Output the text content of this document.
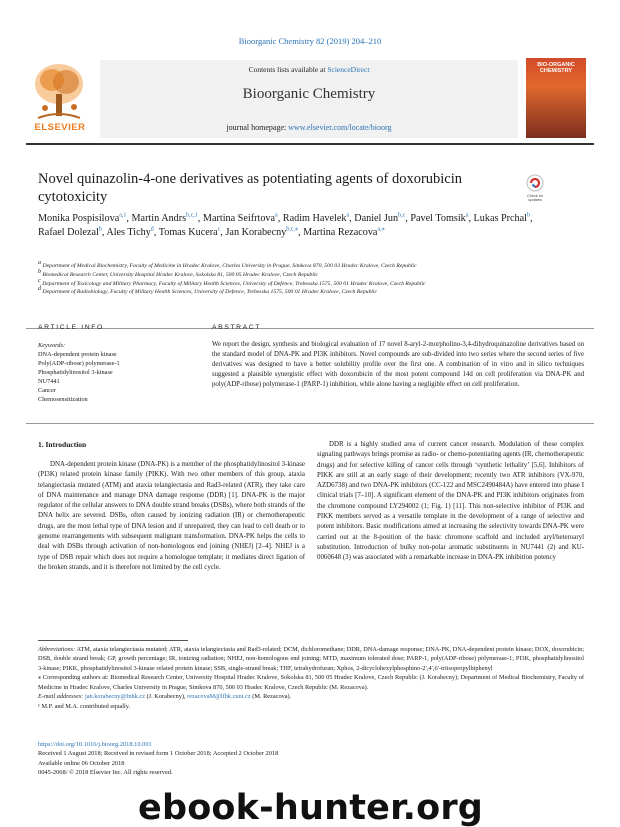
Bioorganic Chemistry 82 (2019) 204–210
Contents lists available at ScienceDirect
Bioorganic Chemistry
journal homepage: www.elsevier.com/locate/bioorg
ELSEVIER
BIO-ORGANIC CHEMISTRY
Novel quinazolin-4-one derivatives as potentiating agents of doxorubicin cytotoxicity	Check for
updates
Monika Pospisilova$^{a,1}$, Martin Andrs$^{b,c,1}$, Martina Seifrtova$^a$, Radim Havelek$^a$, Daniel Jun$^{b,c}$, Pavel Tomsik$^a$, Lukas Prchal$^b$, Rafael Dolezal$^b$, Ales Tichy$^d$, Tomas Kucera$^c$, Jan Korabecny$^{b,c,⁎}$, Martina Rezacova$^{a,⁎}$
a Department of Medical Biochemistry, Faculty of Medicine in Hradec Kralove, Charles University in Prague, Simkova 870, 500 03 Hradec Kralove, Czech Republic
b Biomedical Research Center, University Hospital Hradec Kralove, Sokolska 81, 500 05 Hradec Kralove, Czech Republic
c Department of Toxicology and Military Pharmacy, Faculty of Military Health Sciences, University of Defence, Trebesska 1575, 500 01 Hradec Kralove, Czech Republic
d Department of Radiobiology, Faculty of Military Health Sciences, University of Defence, Trebesska 1575, 500 01 Hradec Kralove, Czech Republic
ARTICLE INFO
Keywords:
DNA-dependent protein kinase
Poly(ADP-ribose) polymerase-1
Phosphatidylinositol 3-kinase
NU7441
Cancer
Chemosensitization
ABSTRACT
We report the design, synthesis and biological evaluation of 17 novel 8-aryl-2-morpholino-3,4-dihydroquinazoline derivatives based on the standard model of DNA-PK and PI3K inhibitors. Novel compounds are sub-divided into two series where the second series of five derivatives was designed to have a better solubility profile over the first one. A combination of in vitro and in silico techniques suggested a plausible synergistic effect with doxorubicin of the most potent compound 14d on cell proliferation via DNA-PK and poly(ADP-ribose) polymerase-1 (PARP-1) inhibition, while alone having a negligible effect on cell proliferation.
1. Introduction
DNA-dependent protein kinase (DNA-PK) is a member of the phosphatidylinositol 3-kinase (PI3K) related protein kinase family (PIKK). With two other members of this group, ataxia telangiectasia mutated (ATM) and ataxia telangiectasia and Rad3-related (ATR), they take care of DNA maintenance and manage DNA damage response (DDR) [1]. DNA-PK is the major regulator of the cellular answers to DNA double strand breaks (DSBs), where both strands of the DNA helix are severed. DSBs, often caused by ionizing radiation (IR) or chemotherapeutic drugs, are the most lethal type of DNA lesion and if unrepaired, they can lead to cell death or to genome rearrangements with subsequent malignant transformation. DNA-PK helps the cells to deal with DSBs through activation of non-homologous end joining (NHEJ) [2–4]. NHEJ is a type of DSB repair which does not require a homologue template; it mediates direct ligation of the broken strands, and it is therefore not limited by the cell cycle.
DDR is a highly studied area of current cancer research. Modulation of these complex signaling pathways brings promise as radio- or chemo-potentiating agents (IR, chemotherapeutic drugs) and for selective killing of cancer cells through ‘synthetic lethality’ [5,6]. Inhibitors of PIKK are still at an early stage of their development; recently two ATR inhibitors (VX-970, AZD6738) and two DNA-PK inhibitors (CC-122 and MSC2490484A) have entered into phase I clinical trials [7–10]. A significant element of the DNA-PK and PI3K inhibitors originates from the chromone compound LY294002 (1; Fig. 1) [11]. This non-selective inhibitor of PI3K and PIKK members served as a versatile template in the development of a range of selective and potent inhibitors. Basic modifications aimed at increasing the selectivity towards DNA-PK were carried out at the 8-position of the basic chromone scaffold and included aryl/heteroaryl substitution. Introduction of bulky non-polar aromatic substituents in NU7441 (2) and KU-0060648 (3) was associated with a remarkable increase in DNA-PK inhibition potency
Abbreviations: ATM, ataxia telangiectasia mutated; ATR, ataxia telangiectasia and Rad3-related; DCM, dichloromethane; DDR, DNA-damage response; DNA-PK, DNA-dependent protein kinase; DOX, doxorubicin; DSB, double strand break; GP, growth percentage; IR, ionizing radiation; NHEJ, non-homologous end joining; MTD, maximum tolerated dose; PARP-1, poly(ADP-ribose) polymerase-1; PI3K, phosphatidylinositol 3-kinase; PIKK, phosphatidylinositol 3-kinase related protein kinase; SSB, single-strand break; THF, tetrahydrofuran; Xphos, 2-dicyclohexylphosphino-2′,4′,6′-triisopropylbiphenyl
⁎ Corresponding authors at: Biomedical Research Center, University Hospital Hradec Kralove, Sokolska 81, 500 05 Hradec Kralove, Czech Republic (J. Korabecny); Department of Medical Biochemistry, Faculty of Medicine in Hradec Kralove, Charles University in Prague, Simkova 870, 500 03 Hradec Kralove, Czech Republic (M. Rezacova).
E-mail addresses: jan.korabecny@fnhk.cz (J. Korabecny), rezacovaM@lfhk.cuni.cz (M. Rezacova).
¹ M.P. and M.A. contributed equally.
https://doi.org/10.1016/j.bioorg.2018.10.001
Received 1 August 2018; Received in revised form 1 October 2018; Accepted 2 October 2018
Available online 06 October 2018
0045-2068/ © 2018 Elsevier Inc. All rights reserved.
ebook-hunter.org
